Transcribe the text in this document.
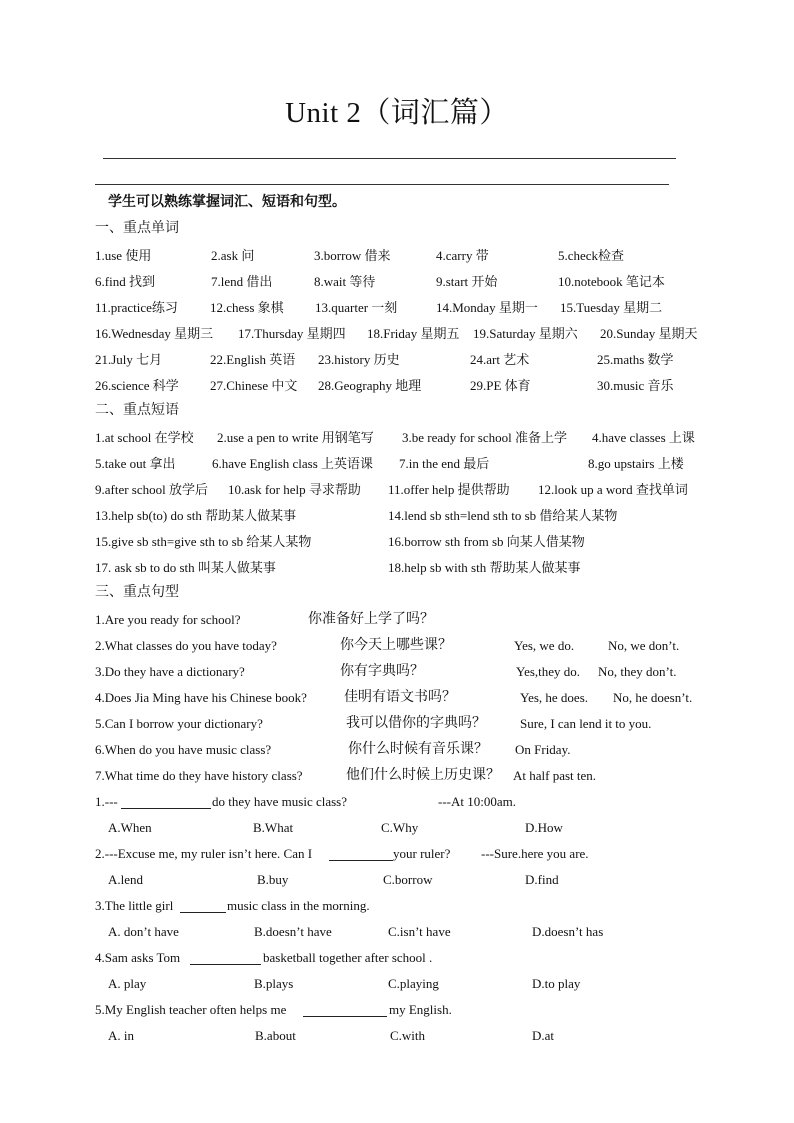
Unit 2（词汇篇）
学生可以熟练掌握词汇、短语和句型。
一、重点单词
二、重点短语
三、重点句型
1.use 使用	2.ask 问	3.borrow 借来	4.carry 带	5.check检查
6.find 找到	7.lend 借出	8.wait 等待	9.start 开始	10.notebook 笔记本
11.practice练习 12.chess 象棋 13.quarter 一刻	14.Monday 星期一 15.Tuesday 星期二
16.Wednesday 星期三 17.Thursday 星期四 18.Friday 星期五 19.Saturday 星期六 20.Sunday 星期天
21.July 七月	22.English 英语 23.history 历史	24.art 艺术	25.maths 数学
26.science 科学 27.Chinese 中文 28.Geography 地理	29.PE 体育	30.music 音乐
1.at school 在学校 2.use a pen to write 用钢笔写 3.be ready for school 准备上学 4.have classes 上课
5.take out 拿出	6.have English class 上英语课 7.in the end 最后	8.go upstairs 上楼
9.after school 放学后 10.ask for help 寻求帮助 11.offer help 提供帮助 12.look up a word 查找单词
13.help sb(to) do sth 帮助某人做某事	14.lend sb sth=lend sth to sb 借给某人某物
15.give sb sth=give sth to sb 给某人某物	16.borrow sth from sb 向某人借某物
17. ask sb to do sth 叫某人做某事	18.help sb with sth 帮助某人做某事
1.Are you ready for school?	你准备好上学了吗？
2.What classes do you have today?	你今天上哪些课？	Yes, we do.	No, we don’t.
3.Do they have a dictionary?	你有字典吗？	Yes,they do. No, they don’t.
4.Does Jia Ming have his Chinese book?	佳明有语文书吗？	Yes, he does. No, he doesn’t.
5.Can I borrow your dictionary?	我可以借你的字典吗？	Sure, I can lend it to you.
6.When do you have music class?	你什么时候有音乐课？ On Friday.
7.What time do they have history class?	他们什么时候上历史课？ At half past ten.
1.---	do they have music class?	---At 10:00am.
A.When	B.What	C.Why	D.How
2.---Excuse me, my ruler isn’t here. Can I	your ruler? ---Sure.here you are.
A.lend	B.buy	C.borrow	D.find
3.The little girl	music class in the morning.
A. don’t have	B.doesn’t have	C.isn’t have	D.doesn’t has
4.Sam asks Tom	basketball together after school .
A. play	B.plays	C.playing	D.to play
5.My English teacher often helps me	my English.
A. in	B.about	C.with	D.at
